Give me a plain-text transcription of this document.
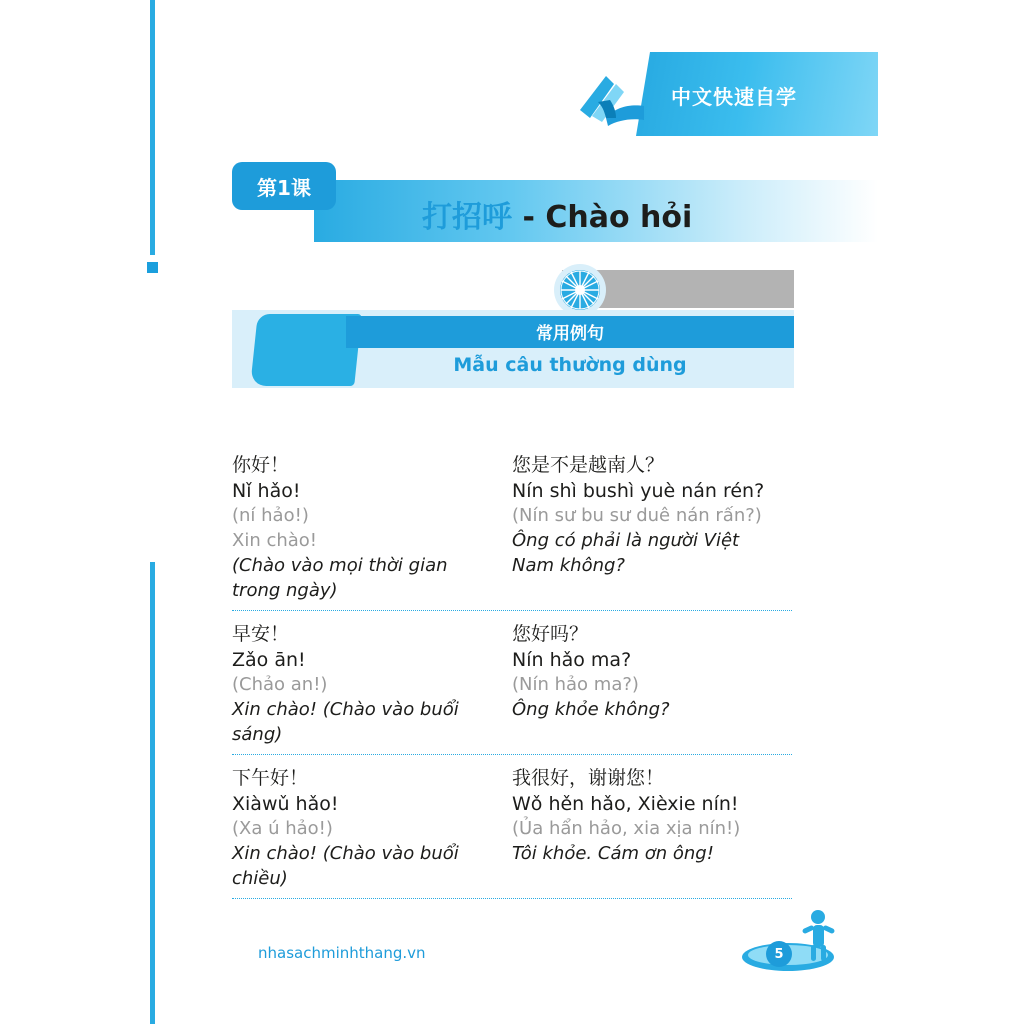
中文快速自学
第1课
打招呼 - Chào hỏi
常用例句
Mẫu câu thường dùng
你好！
Nǐ hǎo!
(ní hảo!)
Xin chào!
(Chào vào mọi thời gian trong ngày)
您是不是越南人？
Nín shì bushì yuè nán rén?
(Nín sư bu sư duê nán rấn?)
Ông có phải là người Việt Nam không?
早安！
Zǎo ān!
(Chảo an!)
Xin chào! (Chào vào buổi sáng)
您好吗？
Nín hǎo ma?
(Nín hảo ma?)
Ông khỏe không?
下午好！
Xiàwǔ hǎo!
(Xa ú hảo!)
Xin chào! (Chào vào buổi chiều)
我很好，谢谢您！
Wǒ hěn hǎo, Xièxie nín!
(Ủa hẩn hảo, xia xịa nín!)
Tôi khỏe. Cám ơn ông!
nhasachminhthang.vn	5
